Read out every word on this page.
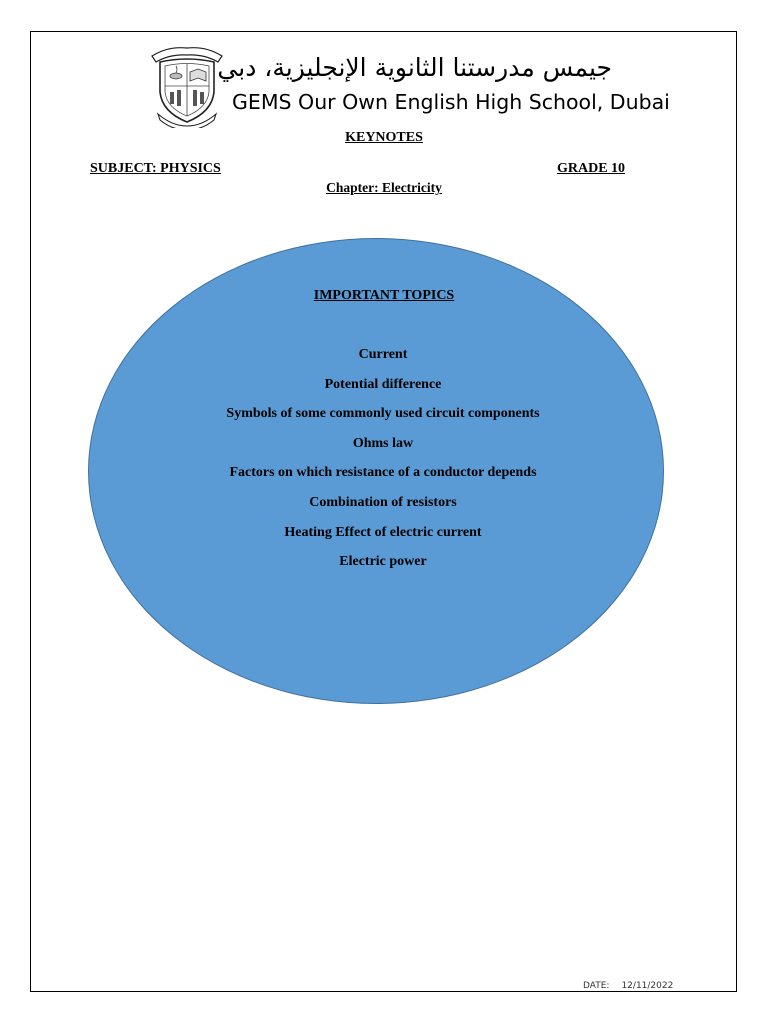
جيمس مدرستنا الثانوية الإنجليزية، دبي
GEMS Our Own English High School, Dubai
KEYNOTES
SUBJECT: PHYSICS	GRADE 10
Chapter: Electricity
IMPORTANT TOPICS
Current
Potential difference
Symbols of some commonly used circuit components
Ohms law
Factors on which resistance of a conductor depends
Combination of resistors
Heating Effect of electric current
Electric power
DATE: 12/11/2022
